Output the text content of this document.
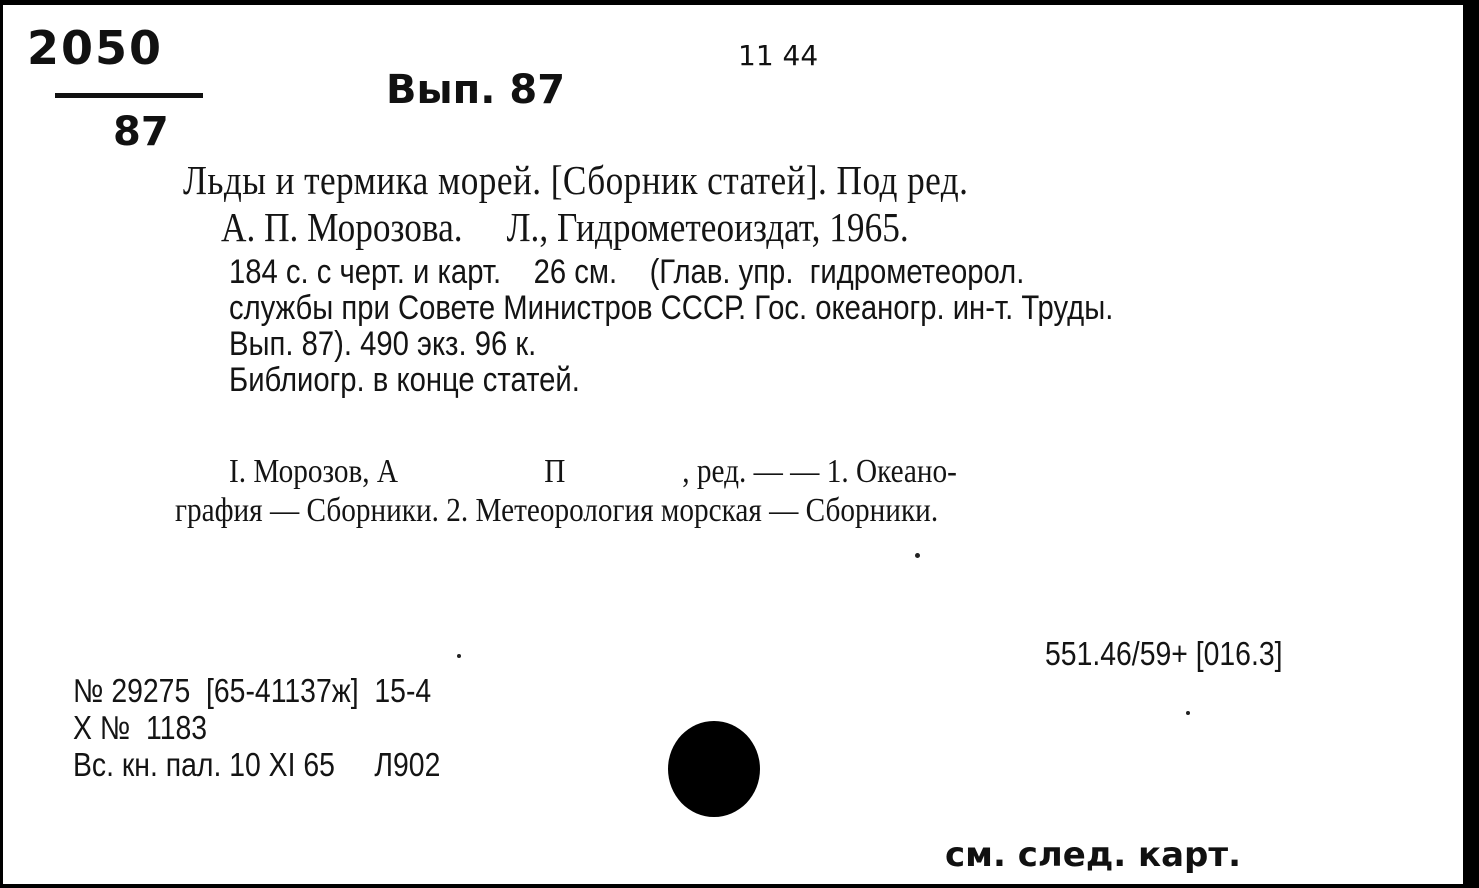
2050
87
Вып. 87
11 44
Льды и термика морей. [Сборник статей]. Под ред.
А. П. Морозова.     Л., Гидрометеоиздат, 1965.
184 с. с черт. и карт.    26 см.    (Глав. упр.  гидрометеорол.
службы при Совете Министров СССР. Гос. океаногр. ин-т. Труды.
Вып. 87). 490 экз. 96 к.
Библиогр. в конце статей.
I. Морозов, А                    П                , ред. — — 1. Океано-
графия — Сборники. 2. Метеорология морская — Сборники.
551.46/59+ [016.3]
№ 29275  [65-41137ж]  15-4
X №  1183
Вс. кн. пал. 10 XI 65     Л902
см. след. карт.
